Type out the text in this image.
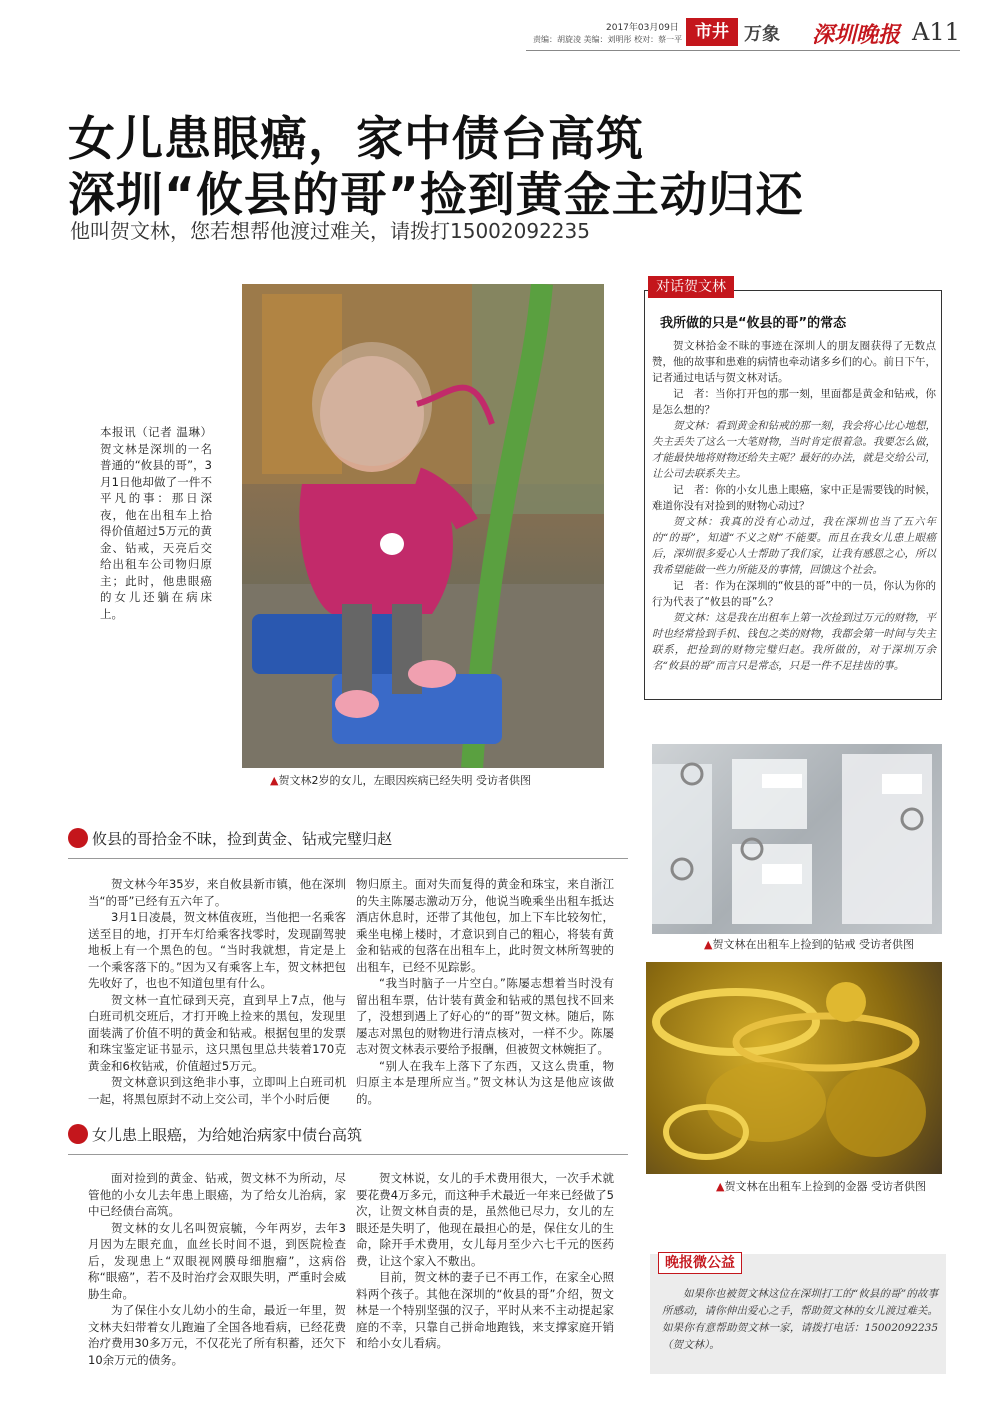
2017年03月09日
责编：胡旋凌 美编：刘明彤 校对：蔡一平 市井 万象 深圳晚报 A11
女儿患眼癌，家中债台高筑
深圳“攸县的哥”捡到黄金主动归还
他叫贺文林，您若想帮他渡过难关，请拨打15002092235
本报讯（记者 温琳）贺文林是深圳的一名普通的“攸县的哥”，3月1日他却做了一件不平凡的事：那日深夜，他在出租车上拾得价值超过5万元的黄金、钻戒，天亮后交给出租车公司物归原主；此时，他患眼癌的女儿还躺在病床上。
▲贺文林2岁的女儿，左眼因疾病已经失明 受访者供图
对话贺文林
我所做的只是“攸县的哥”的常态

贺文林拾金不昧的事迹在深圳人的朋友圈获得了无数点赞，他的故事和患难的病情也牵动诸多乡们的心。前日下午，记者通过电话与贺文林对话。

记　者：当你打开包的那一刻，里面都是黄金和钻戒，你是怎么想的？

贺文林：看到黄金和钻戒的那一刻，我会将心比心地想，失主丢失了这么一大笔财物，当时肯定很着急。我要怎么做，才能最快地将财物还给失主呢？最好的办法，就是交给公司，让公司去联系失主。

记　者：你的小女儿患上眼癌，家中正是需要钱的时候，难道你没有对捡到的财物心动过？

贺文林：我真的没有心动过，我在深圳也当了五六年的“的哥”，知道“不义之财”不能要。而且在我女儿患上眼癌后，深圳很多爱心人士帮助了我们家，让我有感恩之心，所以我希望能做一些力所能及的事情，回馈这个社会。

记　者：作为在深圳的“攸县的哥”中的一员，你认为你的行为代表了“攸县的哥”么？

贺文林：这是我在出租车上第一次捡到过万元的财物，平时也经常捡到手机、钱包之类的财物，我都会第一时间与失主联系，把捡到的财物完璧归赵。我所做的，对于深圳万余名“攸县的哥”而言只是常态，只是一件不足挂齿的事。

▲贺文林在出租车上捡到的钻戒 受访者供图
▲贺文林在出租车上捡到的金器 受访者供图
攸县的哥拾金不昧，捡到黄金、钻戒完璧归赵

贺文林今年35岁，来自攸县新市镇，他在深圳当“的哥”已经有五六年了。

3月1日凌晨，贺文林值夜班，当他把一名乘客送至目的地，打开车灯给乘客找零时，发现副驾驶地板上有一个黑色的包。“当时我就想，肯定是上一个乘客落下的。”因为又有乘客上车，贺文林把包先收好了，也也不知道包里有什么。

贺文林一直忙碌到天亮，直到早上7点，他与白班司机交班后，才打开晚上捡来的黑包，发现里面装满了价值不明的黄金和钻戒。根据包里的发票和珠宝鉴定证书显示，这只黑包里总共装着170克黄金和6枚钻戒，价值超过5万元。

贺文林意识到这绝非小事，立即叫上白班司机一起，将黑包原封不动上交公司，半个小时后便

物归原主。面对失而复得的黄金和珠宝，来自浙江的失主陈屡志激动万分，他说当晚乘坐出租车抵达酒店休息时，还带了其他包，加上下车比较匆忙，乘坐电梯上楼时，才意识到自己的粗心，将装有黄金和钻戒的包落在出租车上，此时贺文林所驾驶的出租车，已经不见踪影。

“我当时脑子一片空白。”陈屡志想着当时没有留出租车票，估计装有黄金和钻戒的黑包找不回来了，没想到遇上了好心的“的哥”贺文林。随后，陈屡志对黑包的财物进行清点核对，一样不少。陈屡志对贺文林表示要给予报酬，但被贺文林婉拒了。

“别人在我车上落下了东西，又这么贵重，物归原主本是理所应当。”贺文林认为这是他应该做的。

女儿患上眼癌，为给她治病家中债台高筑

面对捡到的黄金、钻戒，贺文林不为所动，尽管他的小女儿去年患上眼癌，为了给女儿治病，家中已经债台高筑。

贺文林的女儿名叫贺宸毓，今年两岁，去年3月因为左眼充血，血丝长时间不退，到医院检查后，发现患上“双眼视网膜母细胞瘤”，这病俗称“眼癌”，若不及时治疗会双眼失明，严重时会威胁生命。

为了保住小女儿幼小的生命，最近一年里，贺文林夫妇带着女儿跑遍了全国各地看病，已经花费治疗费用30多万元，不仅花光了所有积蓄，还欠下10余万元的债务。

贺文林说，女儿的手术费用很大，一次手术就要花费4万多元，而这种手术最近一年来已经做了5次，让贺文林自责的是，虽然他已尽力，女儿的左眼还是失明了，他现在最担心的是，保住女儿的生命，除开手术费用，女儿每月至少六七千元的医药费，让这个家入不敷出。

目前，贺文林的妻子已不再工作，在家全心照料两个孩子。其他在深圳的“攸县的哥”介绍，贺文林是一个特别坚强的汉子，平时从来不主动提起家庭的不幸，只靠自己拼命地跑钱，来支撑家庭开销和给小女儿看病。

晚报微公益
如果你也被贺文林这位在深圳打工的“攸县的哥”的故事所感动，请你伸出爱心之手，帮助贺文林的女儿渡过难关。如果你有意帮助贺文林一家，请拨打电话：15002092235（贺文林）。
